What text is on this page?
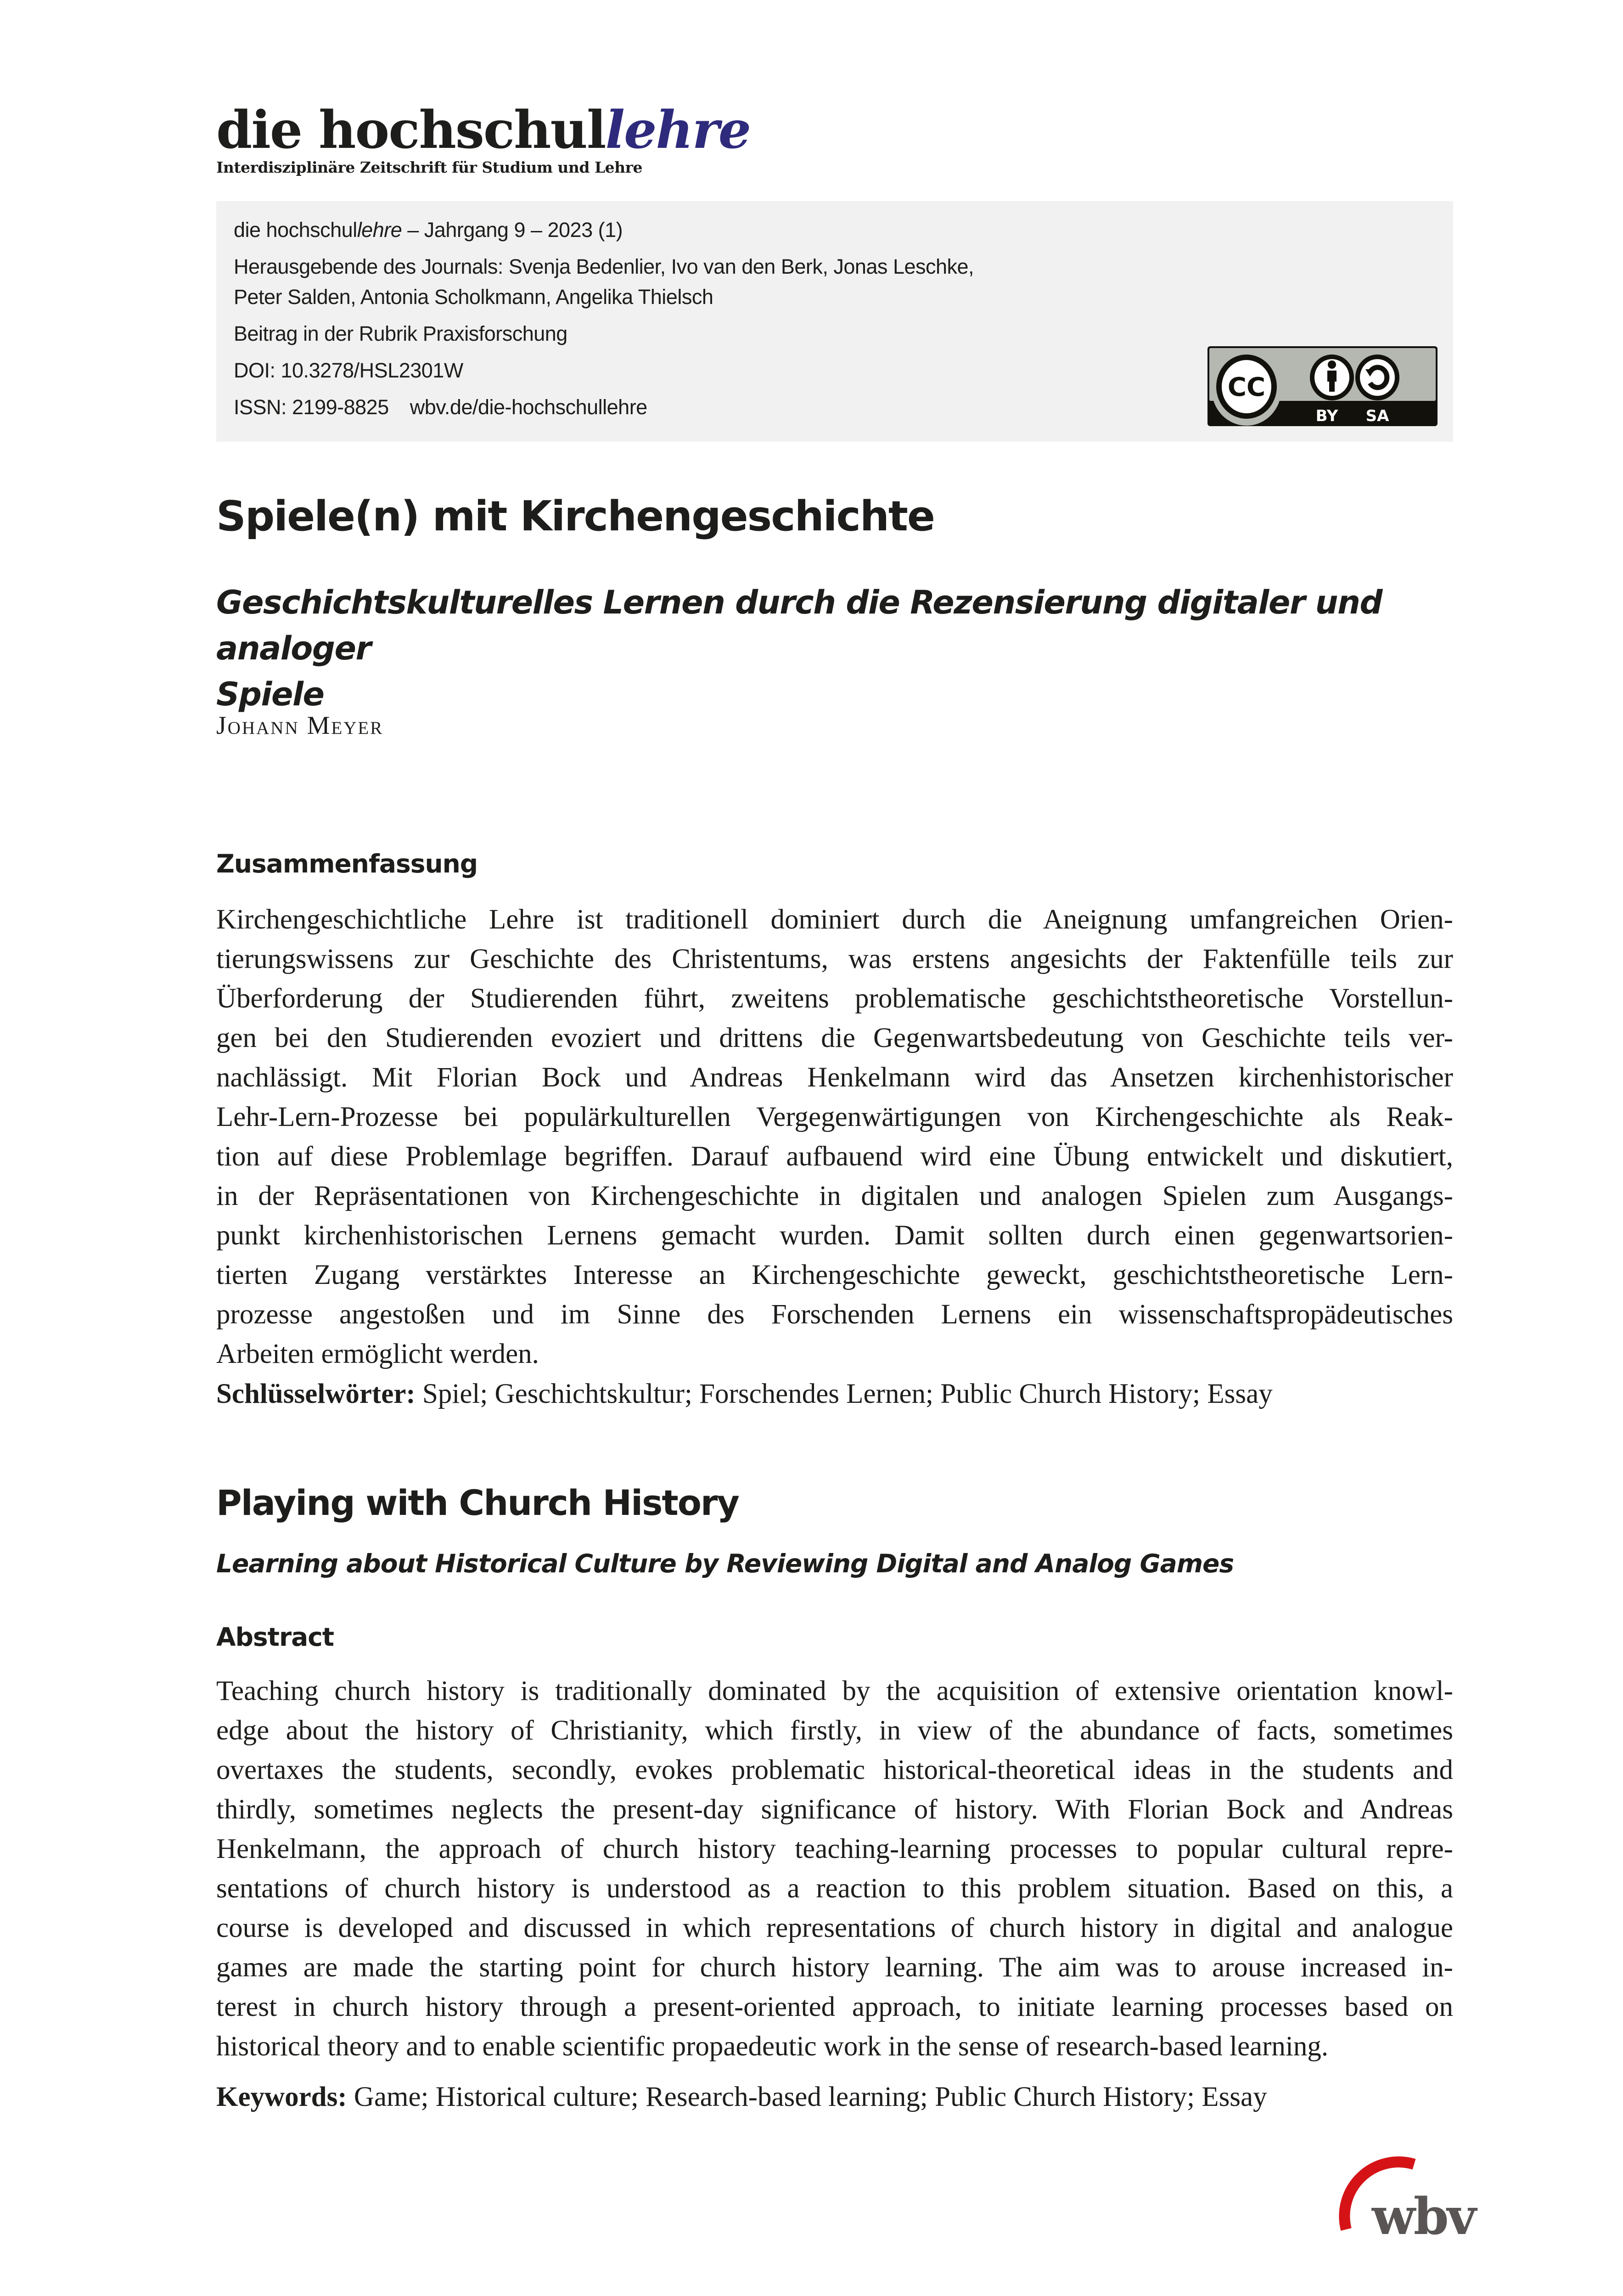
die hochschullehre
Interdisziplinäre Zeitschrift für Studium und Lehre
die hochschullehre – Jahrgang 9 – 2023 (1)
Herausgebende des Journals: Svenja Bedenlier, Ivo van den Berk, Jonas Leschke,
Peter Salden, Antonia Scholkmann, Angelika Thielsch
Beitrag in der Rubrik Praxisforschung
DOI: 10.3278/HSL2301W
ISSN: 2199-8825 wbv.de/die-hochschullehre
CC
BY SA
Spiele(n) mit Kirchengeschichte
Geschichtskulturelles Lernen durch die Rezensierung digitaler und analoger
Spiele
Johann Meyer
Zusammenfassung
Kirchengeschichtliche Lehre ist traditionell dominiert durch die Aneignung umfangreichen Orien-
tierungswissens zur Geschichte des Christentums, was erstens angesichts der Faktenfülle teils zur
Überforderung der Studierenden führt, zweitens problematische geschichtstheoretische Vorstellun-
gen bei den Studierenden evoziert und drittens die Gegenwartsbedeutung von Geschichte teils ver-
nachlässigt. Mit Florian Bock und Andreas Henkelmann wird das Ansetzen kirchenhistorischer
Lehr-Lern-Prozesse bei populärkulturellen Vergegenwärtigungen von Kirchengeschichte als Reak-
tion auf diese Problemlage begriffen. Darauf aufbauend wird eine Übung entwickelt und diskutiert,
in der Repräsentationen von Kirchengeschichte in digitalen und analogen Spielen zum Ausgangs-
punkt kirchenhistorischen Lernens gemacht wurden. Damit sollten durch einen gegenwartsorien-
tierten Zugang verstärktes Interesse an Kirchengeschichte geweckt, geschichtstheoretische Lern-
prozesse angestoßen und im Sinne des Forschenden Lernens ein wissenschaftspropädeutisches
Arbeiten ermöglicht werden.
Schlüsselwörter: Spiel; Geschichtskultur; Forschendes Lernen; Public Church History; Essay
Playing with Church History
Learning about Historical Culture by Reviewing Digital and Analog Games
Abstract
Teaching church history is traditionally dominated by the acquisition of extensive orientation knowl-
edge about the history of Christianity, which firstly, in view of the abundance of facts, sometimes
overtaxes the students, secondly, evokes problematic historical-theoretical ideas in the students and
thirdly, sometimes neglects the present-day significance of history. With Florian Bock and Andreas
Henkelmann, the approach of church history teaching-learning processes to popular cultural repre-
sentations of church history is understood as a reaction to this problem situation. Based on this, a
course is developed and discussed in which representations of church history in digital and analogue
games are made the starting point for church history learning. The aim was to arouse increased in-
terest in church history through a present-oriented approach, to initiate learning processes based on
historical theory and to enable scientific propaedeutic work in the sense of research-based learning.
Keywords: Game; Historical culture; Research-based learning; Public Church History; Essay
wbv
